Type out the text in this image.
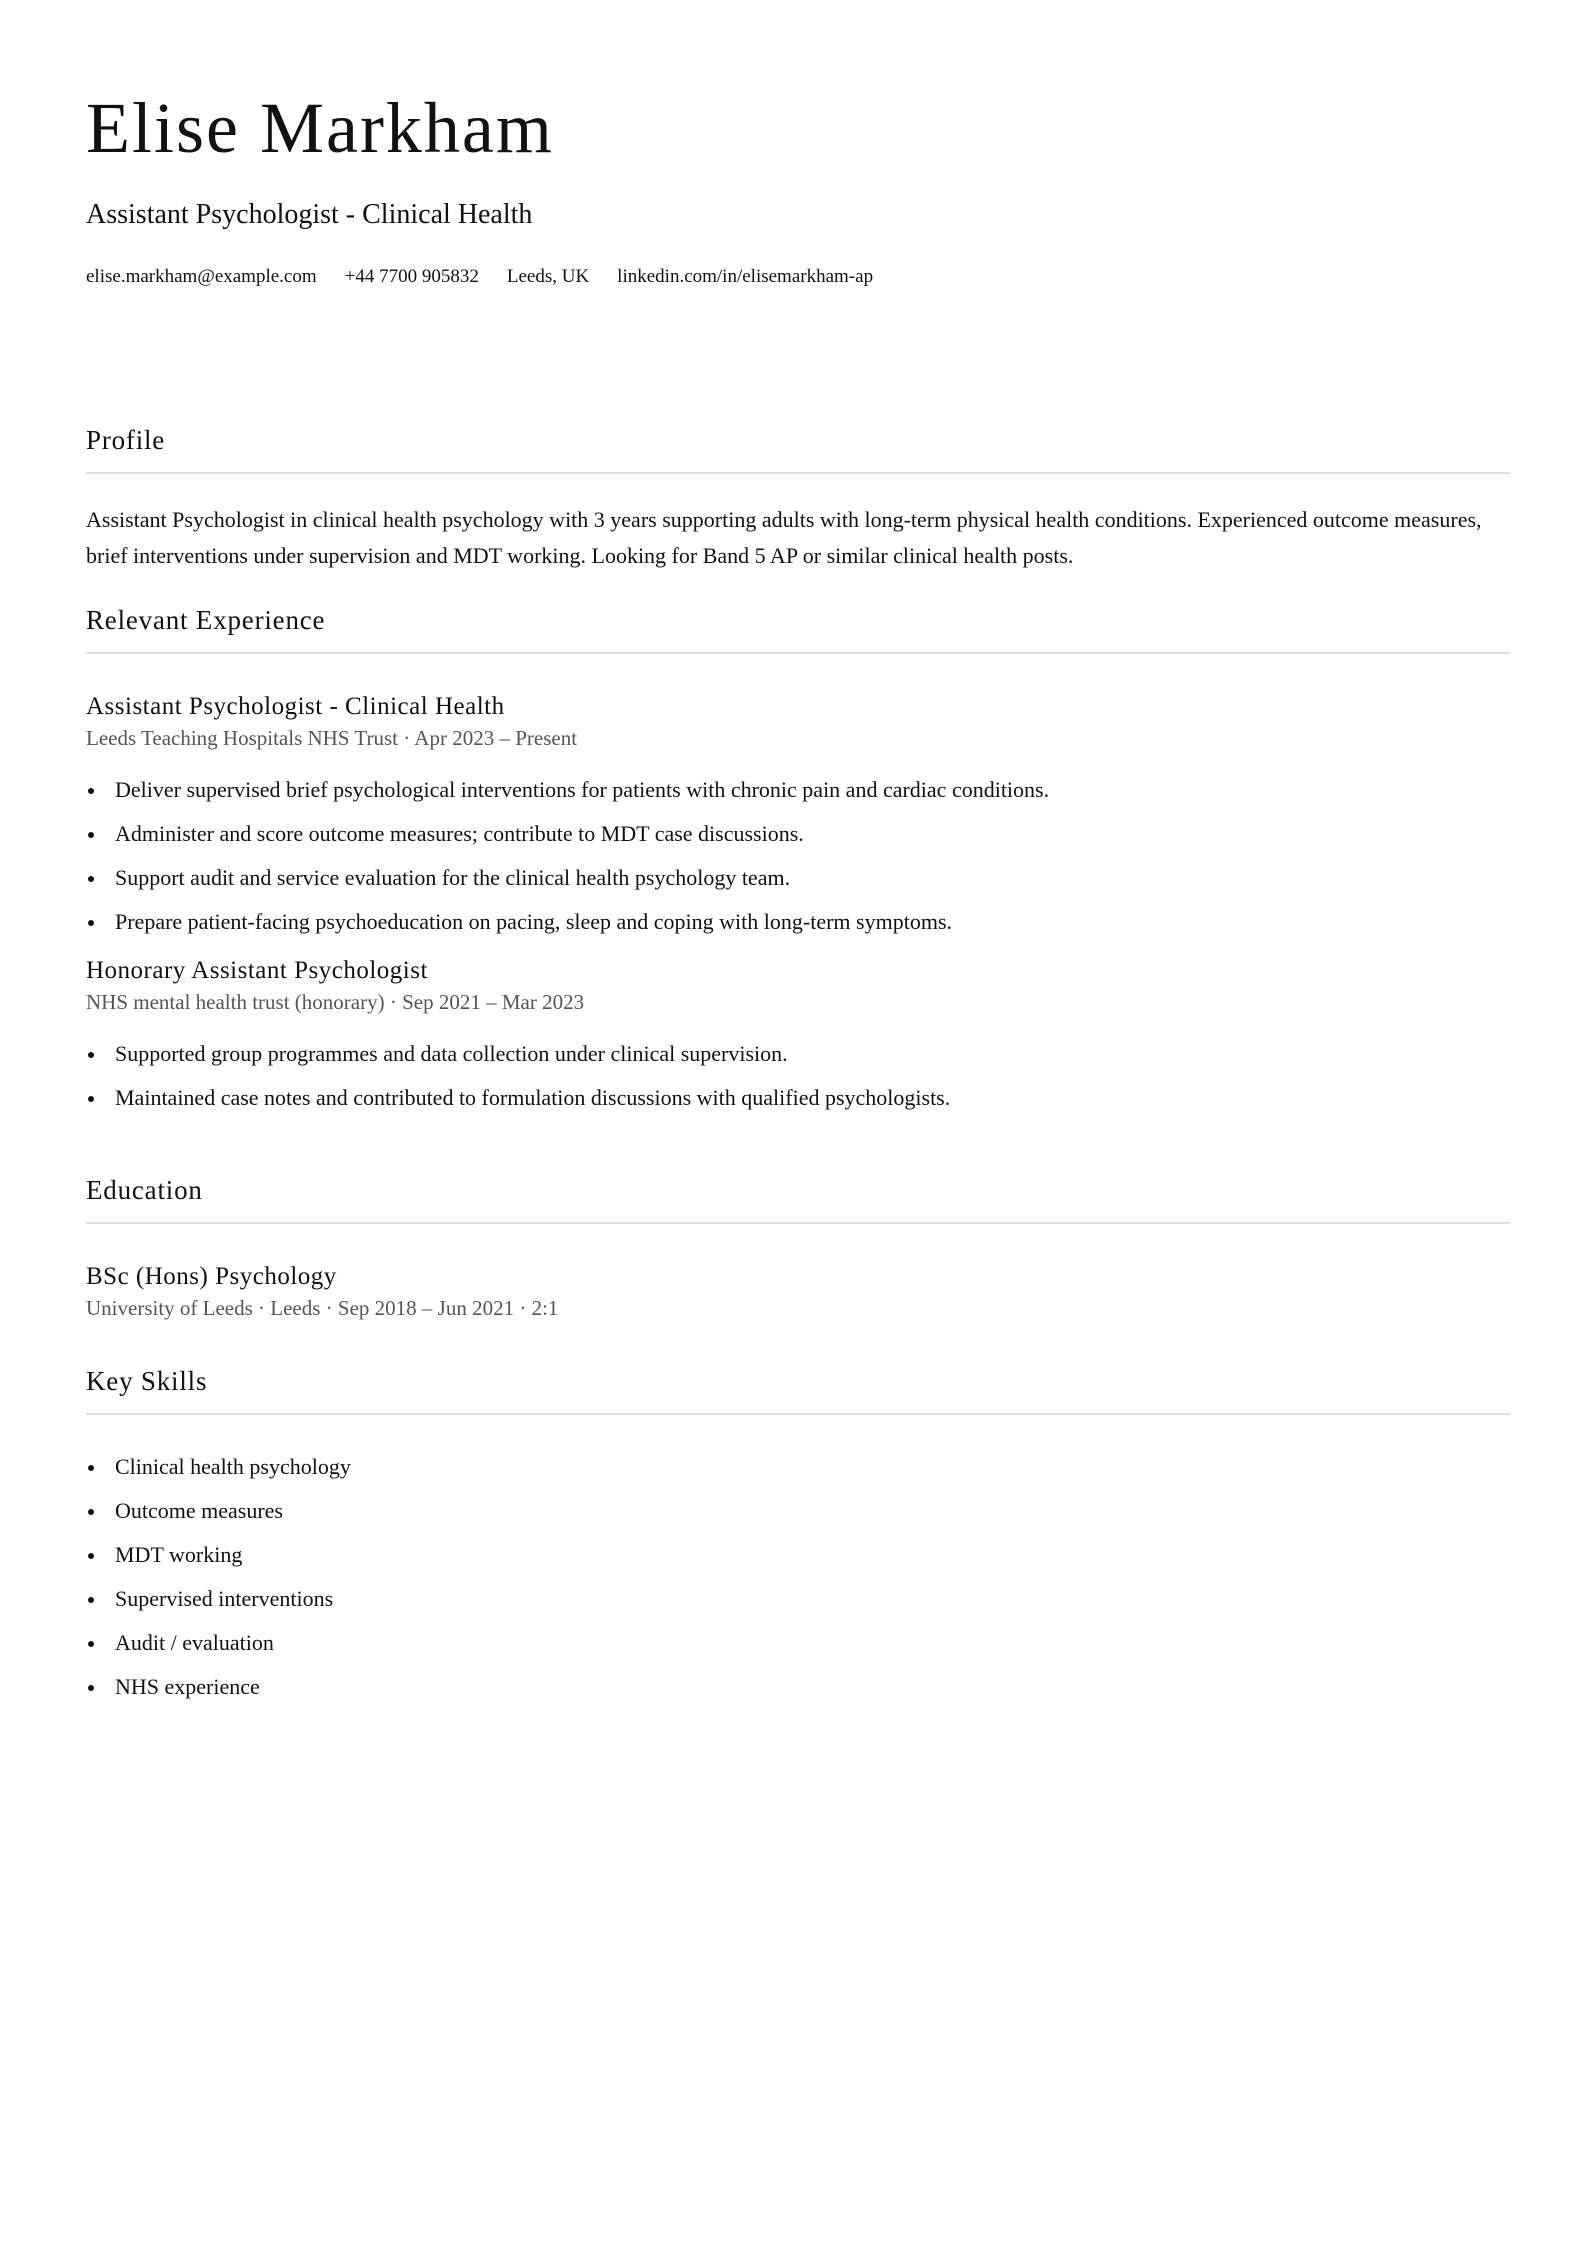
Elise Markham
Assistant Psychologist - Clinical Health
elise.markham@example.com +44 7700 905832 Leeds, UK linkedin.com/in/elisemarkham-ap
Profile

Assistant Psychologist in clinical health psychology with 3 years supporting adults with long-term physical health conditions. Experienced outcome measures, brief interventions under supervision and MDT working. Looking for Band 5 AP or similar clinical health posts.

Relevant Experience
Assistant Psychologist - Clinical Health
Leeds Teaching Hospitals NHS Trust · Apr 2023 – Present
Deliver supervised brief psychological interventions for patients with chronic pain and cardiac conditions.
Administer and score outcome measures; contribute to MDT case discussions.
Support audit and service evaluation for the clinical health psychology team.
Prepare patient-facing psychoeducation on pacing, sleep and coping with long-term symptoms.
Honorary Assistant Psychologist
NHS mental health trust (honorary) · Sep 2021 – Mar 2023
Supported group programmes and data collection under clinical supervision.
Maintained case notes and contributed to formulation discussions with qualified psychologists.
Education
BSc (Hons) Psychology
University of Leeds · Leeds · Sep 2018 – Jun 2021 · 2:1
Key Skills
Clinical health psychology
Outcome measures
MDT working
Supervised interventions
Audit / evaluation
NHS experience
